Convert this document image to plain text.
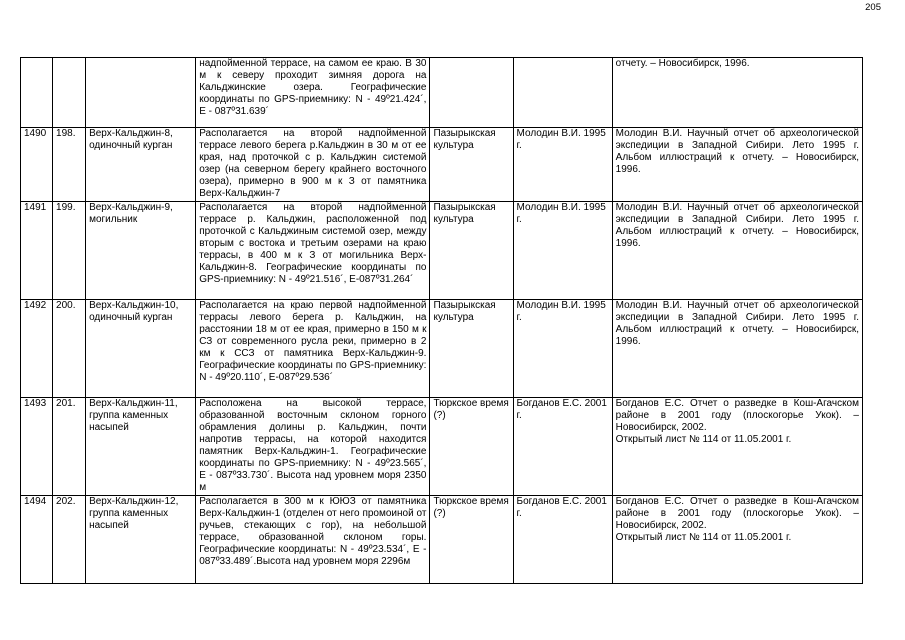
205
			надпойменной террасе, на самом ее краю. В 30 м к северу проходит зимняя дорога на Кальджинские озера. Географические координаты по GPS-приемнику: N - 49º21.424´, E - 087º31.639´			отчету. – Новосибирск, 1996.

1490	198.	Верх-Кальджин-8, одиночный курган	Располагается на второй надпойменной террасе левого берега р.Кальджин в 30 м от ее края, над проточкой с р. Кальджин системой озер (на северном берегу крайнего восточного озера), примерно в 900 м к З от памятника Верх-Кальджин-7	Пазырыкская культура	Молодин В.И. 1995 г.	Молодин В.И. Научный отчет об археологической экспедиции в Западной Сибири. Лето 1995 г. Альбом иллюстраций к отчету. – Новосибирск, 1996.

1491	199.	Верх-Кальджин-9, могильник	Располагается на второй надпойменной террасе р. Кальджин, расположенной под проточкой с Кальджиным системой озер, между вторым с востока и третьим озерами на краю террасы, в 400 м к З от могильника Верх-Кальджин-8. Географические координаты по GPS-приемнику: N - 49º21.516´, E-087º31.264´	Пазырыкская культура	Молодин В.И. 1995 г.	Молодин В.И. Научный отчет об археологической экспедиции в Западной Сибири. Лето 1995 г. Альбом иллюстраций к отчету. – Новосибирск, 1996.

1492	200.	Верх-Кальджин-10, одиночный курган	Располагается на краю первой надпойменной террасы левого берега р. Кальджин, на расстоянии 18 м от ее края, примерно в 150 м к СЗ от современного русла реки, примерно в 2 км к ССЗ от памятника Верх-Кальджин-9. Географические координаты по GPS-приемнику: N - 49º20.110´, E-087º29.536´	Пазырыкская культура	Молодин В.И. 1995 г.	Молодин В.И. Научный отчет об археологической экспедиции в Западной Сибири. Лето 1995 г. Альбом иллюстраций к отчету. – Новосибирск, 1996.

1493	201.	Верх-Кальджин-11, группа каменных насыпей	Расположена на высокой террасе, образованной восточным склоном горного обрамления долины р. Кальджин, почти напротив террасы, на которой находится памятник Верх-Кальджин-1. Географические координаты по GPS-приемнику: N - 49º23.565´, E - 087º33.730´. Высота над уровнем моря 2350 м	Тюркское время (?)	Богданов Е.С. 2001 г.	Богданов Е.С. Отчет о разведке в Кош-Агачском районе в 2001 году (плоскогорье Укок). – Новосибирск, 2002.
Открытый лист № 114 от 11.05.2001 г.

1494	202.	Верх-Кальджин-12, группа каменных насыпей	Располагается в 300 м к ЮЮЗ от памятника Верх-Кальджин-1 (отделен от него промоиной от ручьев, стекающих с гор), на небольшой террасе, образованной склоном горы. Географические координаты: N - 49º23.534´, E - 087º33.489´.Высота над уровнем моря 2296м	Тюркское время (?)	Богданов Е.С. 2001 г.	Богданов Е.С. Отчет о разведке в Кош-Агачском районе в 2001 году (плоскогорье Укок). – Новосибирск, 2002.
Открытый лист № 114 от 11.05.2001 г.
